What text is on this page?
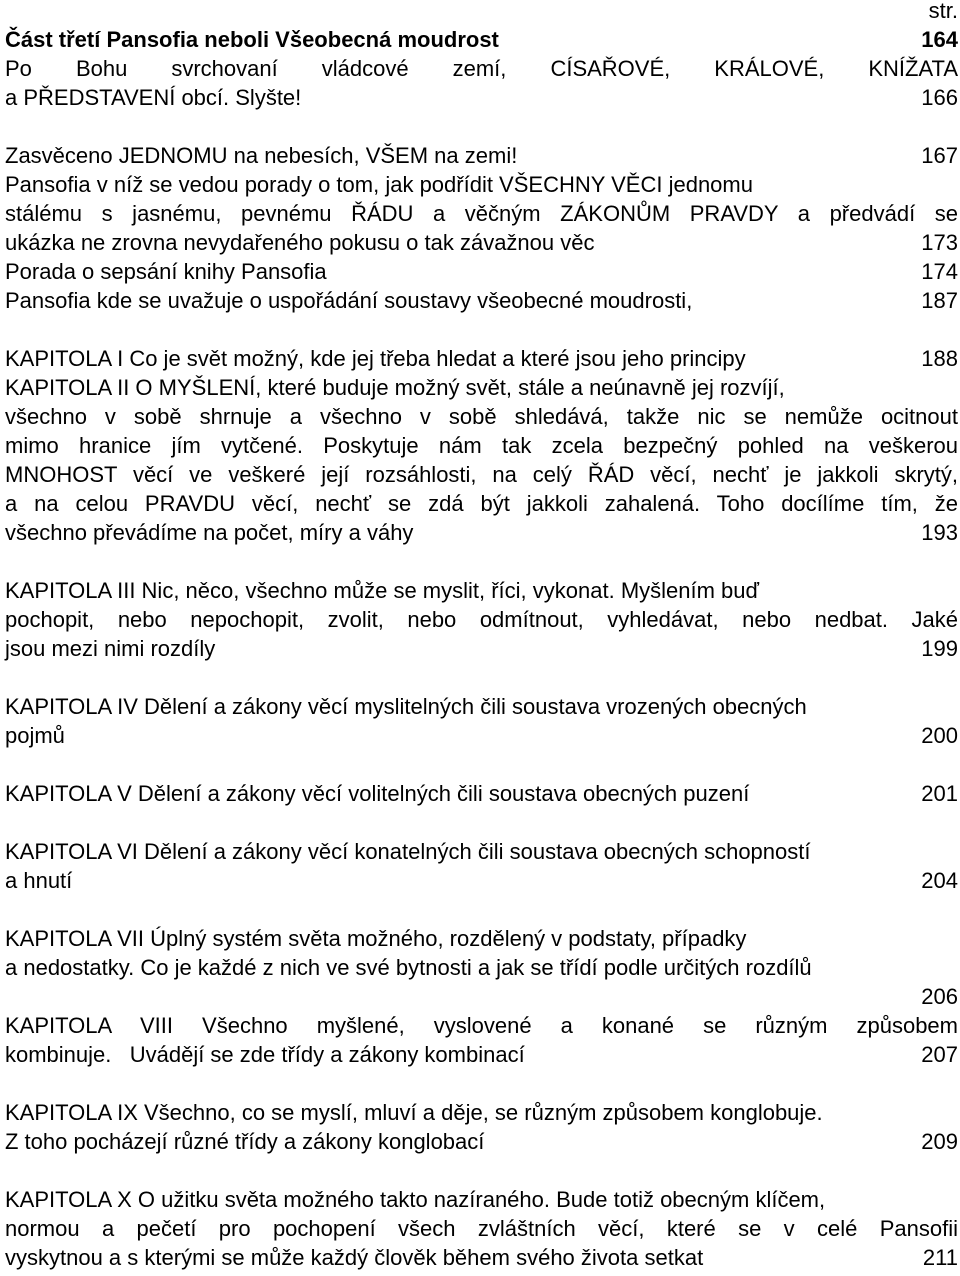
str.
Část třetí Pansofia neboli Všeobecná moudrost	164
Po Bohu svrchovaní vládcové zemí, CÍSAŘOVÉ, KRÁLOVÉ, KNÍŽATA
a PŘEDSTAVENÍ obcí. Slyšte!	166
Zasvěceno JEDNOMU na nebesích, VŠEM na zemi!	167
Pansofia v níž se vedou porady o tom, jak podřídit VŠECHNY VĚCI jednomu
stálému s jasnému, pevnému ŘÁDU a věčným ZÁKONŮM PRAVDY a předvádí se
ukázka ne zrovna nevydařeného pokusu o tak závažnou věc	173
Porada o sepsání knihy Pansofia	174
Pansofia kde se uvažuje o uspořádání soustavy všeobecné moudrosti,	187
KAPITOLA I Co je svět možný, kde jej třeba hledat a které jsou jeho principy	188
KAPITOLA II O MYŠLENÍ, které buduje možný svět, stále a neúnavně jej rozvíjí,
všechno v sobě shrnuje a všechno v sobě shledává, takže nic se nemůže ocitnout
mimo hranice jím vytčené. Poskytuje nám tak zcela bezpečný pohled na veškerou
MNOHOST věcí ve veškeré její rozsáhlosti, na celý ŘÁD věcí, nechť je jakkoli skrytý,
a na celou PRAVDU věcí, nechť se zdá být jakkoli zahalená. Toho docílíme tím, že
všechno převádíme na počet, míry a váhy	193
KAPITOLA III Nic, něco, všechno může se myslit, říci, vykonat. Myšlením buď
pochopit, nebo nepochopit, zvolit, nebo odmítnout, vyhledávat, nebo nedbat. Jaké
jsou mezi nimi rozdíly	199
KAPITOLA IV Dělení a zákony věcí myslitelných čili soustava vrozených obecných
pojmů	200
KAPITOLA V Dělení a zákony věcí volitelných čili soustava obecných puzení	201
KAPITOLA VI Dělení a zákony věcí konatelných čili soustava obecných schopností
a hnutí	204
KAPITOLA VII Úplný systém světa možného, rozdělený v podstaty, případky
a nedostatky. Co je každé z nich ve své bytnosti a jak se třídí podle určitých rozdílů
206
KAPITOLA VIII Všechno myšlené, vyslovené a konané se různým způsobem
kombinuje.   Uvádějí se zde třídy a zákony kombinací	207
KAPITOLA IX Všechno, co se myslí, mluví a děje, se různým způsobem konglobuje.
Z toho pocházejí různé třídy a zákony konglobací	209
KAPITOLA X O užitku světa možného takto nazíraného. Bude totiž obecným klíčem,
normou a pečetí pro pochopení všech zvláštních věcí, které se v celé Pansofii
vyskytnou a s kterými se může každý člověk během svého života setkat	211
